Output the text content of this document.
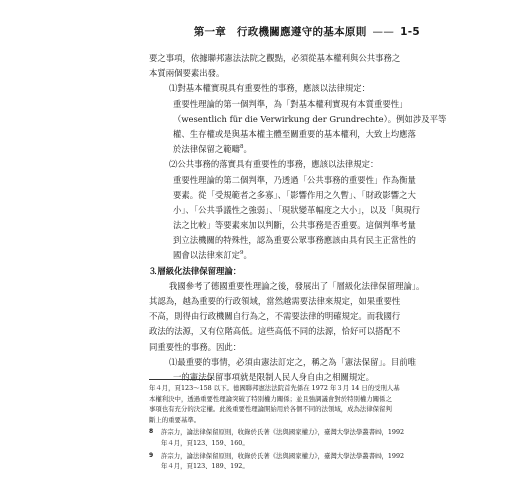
第一章　行政機關應遵守的基本原則 —— 1-5
要之事項，依據聯邦憲法法院之觀點，必須從基本權利與公共事務之
本質兩個要素出發。
⑴對基本權實現具有重要性的事務，應該以法律規定：
重要性理論的第一個判準，為「對基本權利實現有本質重要性」
（wesentlich für die Verwirkung der Grundrechte）。例如涉及平等
權、生存權或是與基本權主體至關重要的基本權利，大致上均應落
於法律保留之範疇$^8$。
⑵公共事務的落實具有重要性的事務，應該以法律規定：
重要性理論的第二個判準，乃透過「公共事務的重要性」作為衡量
要素。從「受規範者之多寡」、「影響作用之久暫」、「財政影響之大
小」、「公共爭議性之強弱」、「現狀變革幅度之大小」，以及「與現行
法之比較」等要素來加以判斷，公共事務是否重要。這個判準考量
到立法機關的特殊性，認為重要公眾事務應該由具有民主正當性的
國會以法律來訂定$^9$。
⒊層級化法律保留理論：
我國參考了德國重要性理論之後，發展出了「層級化法律保留理論」。
其認為，越為重要的行政領域，當然越需要法律來規定，如果重要性
不高，則得由行政機關自行為之，不需要法律的明確規定。而我國行
政法的法源，又有位階高低。這些高低不同的法源，恰好可以搭配不
同重要性的事務。因此：
⑴最重要的事情，必須由憲法訂定之，稱之為「憲法保留」。目前唯
一的憲法保留事項就是限制人民人身自由之相關規定。
年４月，頁123～158 以下。德國聯邦憲法法院首先係在 1972 年３月 14 日的受刑人基
本權利決中，透過重要性理論突破了特別權力關係；並且強調議會對於特別權力關係之
事項也有充分的決定權。此後重要性理論開始用於各個不同的法領域，成為法律保留判
斷上的重要基準。
8 許宗力，論法律保留原則，收錄於氏著《法與國家權力》，臺灣大學法學叢書㈣，1992
年４月，頁123、159、160。
9 許宗力，論法律保留原則，收錄於氏著《法與國家權力》，臺灣大學法學叢書㈣，1992
年４月，頁123、189、192。
